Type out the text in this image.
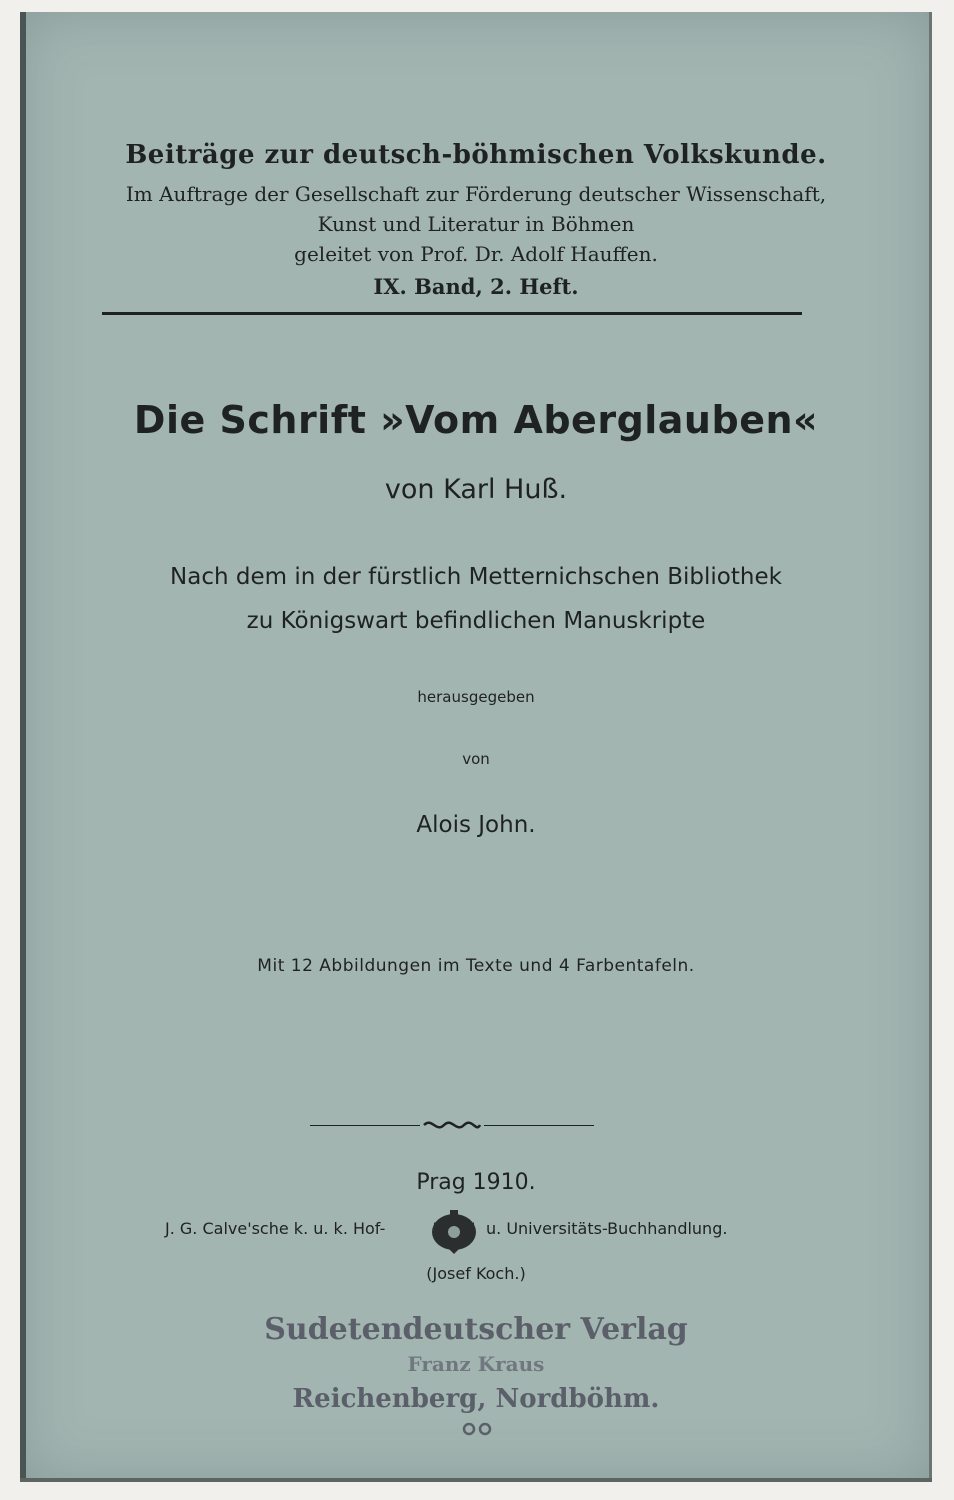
Beiträge zur deutsch-böhmischen Volkskunde.
Im Auftrage der Gesellschaft zur Förderung deutscher Wissenschaft,
Kunst und Literatur in Böhmen
geleitet von Prof. Dr. Adolf Hauffen.
IX. Band, 2. Heft.
Die Schrift »Vom Aberglauben«
von Karl Huß.
Nach dem in der fürstlich Metternichschen Bibliothek
zu Königswart befindlichen Manuskripte
herausgegeben
von
Alois John.
Mit 12 Abbildungen im Texte und 4 Farbentafeln.
Prag 1910.
J. G. Calve'sche k. u. k. Hof-	u. Universitäts-Buchhandlung.
(Josef Koch.)
Sudetendeutscher Verlag
Franz Kraus
Reichenberg, Nordböhm.
